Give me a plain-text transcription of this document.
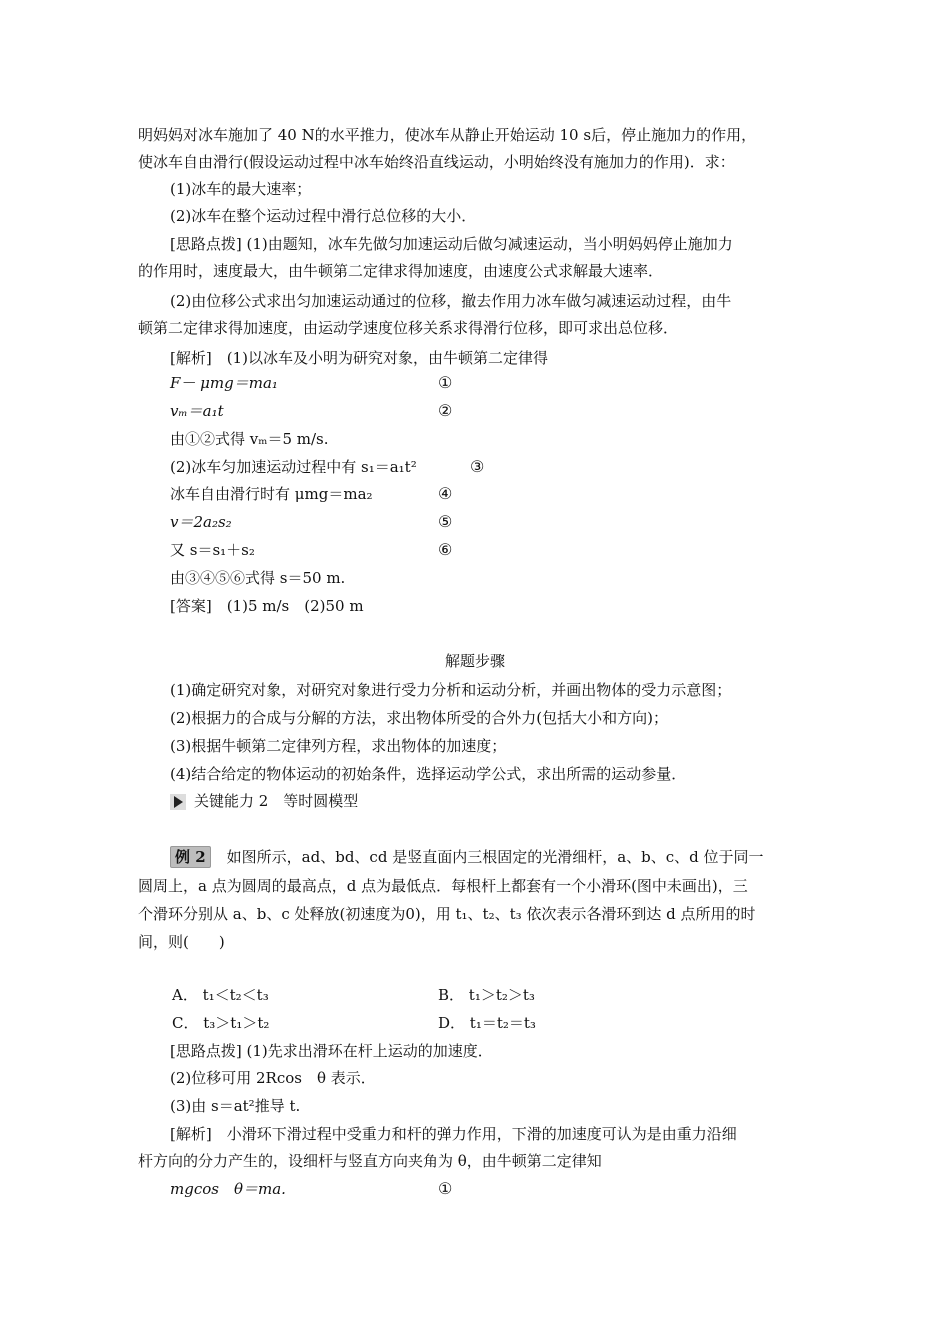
明妈妈对冰车施加了 40 N的水平推力，使冰车从静止开始运动 10 s后，停止施加力的作用，
使冰车自由滑行(假设运动过程中冰车始终沿直线运动，小明始终没有施加力的作用)．求：
(1)冰车的最大速率；
(2)冰车在整个运动过程中滑行总位移的大小．
[思路点拨] (1)由题知，冰车先做匀加速运动后做匀减速运动，当小明妈妈停止施加力
的作用时，速度最大，由牛顿第二定律求得加速度，由速度公式求解最大速率．
(2)由位移公式求出匀加速运动通过的位移，撤去作用力冰车做匀减速运动过程，由牛
顿第二定律求得加速度，由运动学速度位移关系求得滑行位移，即可求出总位移．
[解析]　(1)以冰车及小明为研究对象，由牛顿第二定律得
F－ μmg＝ma₁	①
vₘ＝a₁t	②
由①②式得 vₘ＝5 m/s.
(2)冰车匀加速运动过程中有 s₁＝a₁t²	③
冰车自由滑行时有 μmg＝ma₂	④
v＝2a₂s₂	⑤
又 s＝s₁＋s₂	⑥
由③④⑤⑥式得 s＝50 m.
[答案]　(1)5 m/s　(2)50 m
解题步骤
(1)确定研究对象，对研究对象进行受力分析和运动分析，并画出物体的受力示意图；
(2)根据力的合成与分解的方法，求出物体所受的合外力(包括大小和方向)；
(3)根据牛顿第二定律列方程，求出物体的加速度；
(4)结合给定的物体运动的初始条件，选择运动学公式，求出所需的运动参量．
关键能力 2　等时圆模型
例 2 如图所示，ad、bd、cd 是竖直面内三根固定的光滑细杆，a、b、c、d 位于同一
圆周上，a 点为圆周的最高点，d 点为最低点．每根杆上都套有一个小滑环(图中未画出)，三
个滑环分别从 a、b、c 处释放(初速度为0)，用 t₁、t₂、t₃ 依次表示各滑环到达 d 点所用的时
间，则(　　)
A． t₁＜t₂＜t₃	B． t₁＞t₂＞t₃
C． t₃＞t₁＞t₂	D． t₁＝t₂＝t₃
[思路点拨] (1)先求出滑环在杆上运动的加速度．
(2)位移可用 2Rcos　θ 表示．
(3)由 s＝at²推导 t.
[解析]　小滑环下滑过程中受重力和杆的弹力作用，下滑的加速度可认为是由重力沿细
杆方向的分力产生的，设细杆与竖直方向夹角为 θ，由牛顿第二定律知
mgcos　θ＝ma.	①
